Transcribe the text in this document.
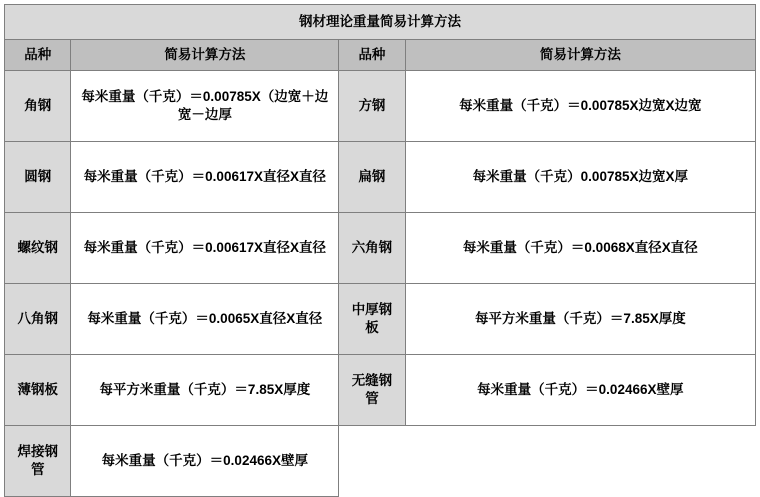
钢材理论重量简易计算方法			
品种	简易计算方法	品种	简易计算方法
角钢	每米重量（千克）＝0.00785X（边宽＋边宽－边厚	方钢	每米重量（千克）＝0.00785X边宽X边宽
圆钢	每米重量（千克）＝0.00617X直径X直径	扁钢	每米重量（千克）0.00785X边宽X厚
螺纹钢	每米重量（千克）＝0.00617X直径X直径	六角钢	每米重量（千克）＝0.0068X直径X直径
八角钢	每米重量（千克）＝0.0065X直径X直径	中厚钢板	每平方米重量（千克）＝7.85X厚度
薄钢板	每平方米重量（千克）＝7.85X厚度	无缝钢管	每米重量（千克）＝0.02466X壁厚
焊接钢管	每米重量（千克）＝0.02466X壁厚		
